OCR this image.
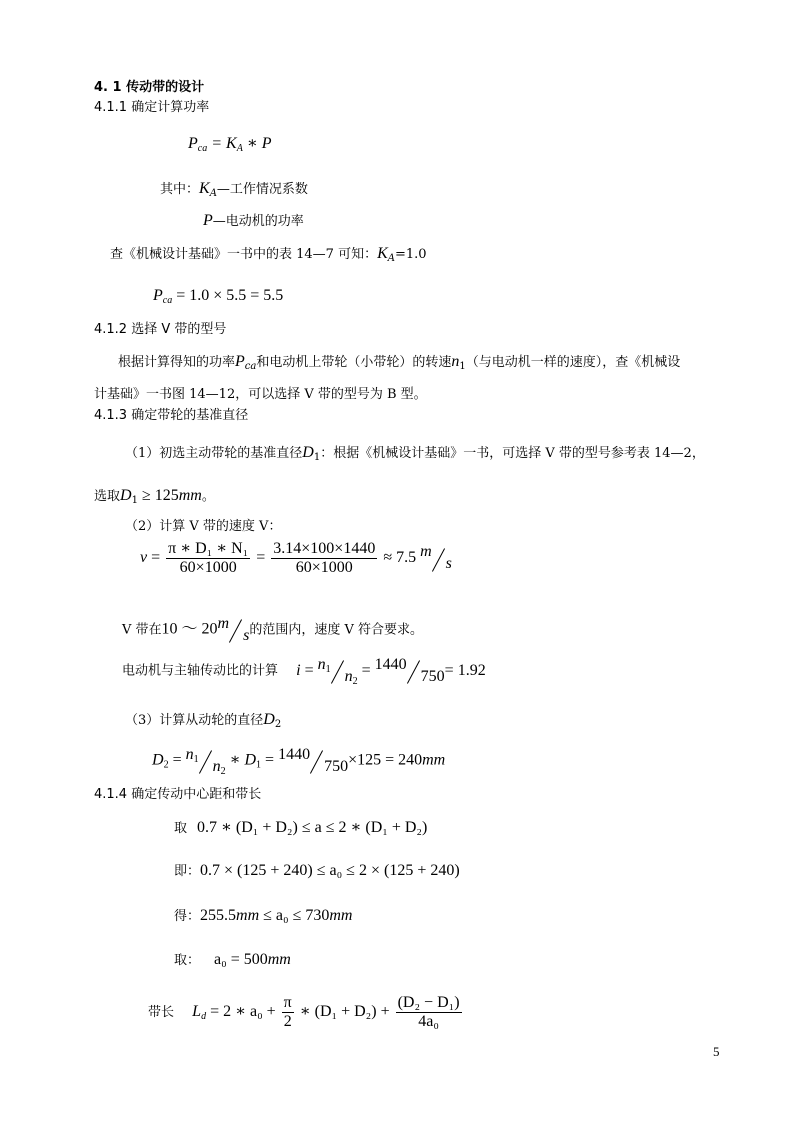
4. 1 传动带的设计
4.1.1 确定计算功率
$P_{ca} = K_A$ ∗ P
其中：$K_A—$工作情况系数
P—电动机的功率
查《机械设计基础》一书中的表 14—7 可知：$K_A=1.0$
$P_{ca} = 1.0 \times 5.5 = 5.5$
4.1.2 选择 V 带的型号
根据计算得知的功率$P_{ca}$和电动机上带轮（小带轮）的转速$n_1$（与电动机一样的速度），查《机械设
计基础》一书图 14—12，可以选择 V 带的型号为 B 型。
4.1.3 确定带轮的基准直径
（1）初选主动带轮的基准直径$D_1$：根据《机械设计基础》一书，可选择 V 带的型号参考表 14—2，
选取$D_1 \ge 125mm$。
（2）计算 V 带的速度 V：
$v = \frac{\text{π ∗ D₁ ∗ N₁}}{60\times 1000} = \frac{3.14\times 100\times 1440}{60\times 1000} \approx 7.5$ ms
V 带在10 ～ 20ms的范围内，速度 V 符合要求。
电动机与主轴传动比的计算 $i = n_1$ $n_2 = 1440750= 1.92$
（3）计算从动轮的直径$D_2$
$D_2 = n_1$ $n_2$ ∗ $D_1 = 1440750\times 125 = 240mm$
4.1.4 确定传动中心距和带长
取 0.7 ∗ (D₁ + D₂) ≤ a ≤ 2 ∗ (D₁ + D₂)
即：0.7 × (125 + 240) ≤ a₀ ≤ 2 × (125 + 240)
得：255.5mm ≤ a₀ ≤ 730mm
取： a₀ = 500mm
带长 $L_d = 2$ ∗ $a_0 + \frac{\pi}{2}$ ∗ $(D_1 + D_2) + \frac{\text{(D₂ − D₁)}}{\text{4a₀}}$
5
